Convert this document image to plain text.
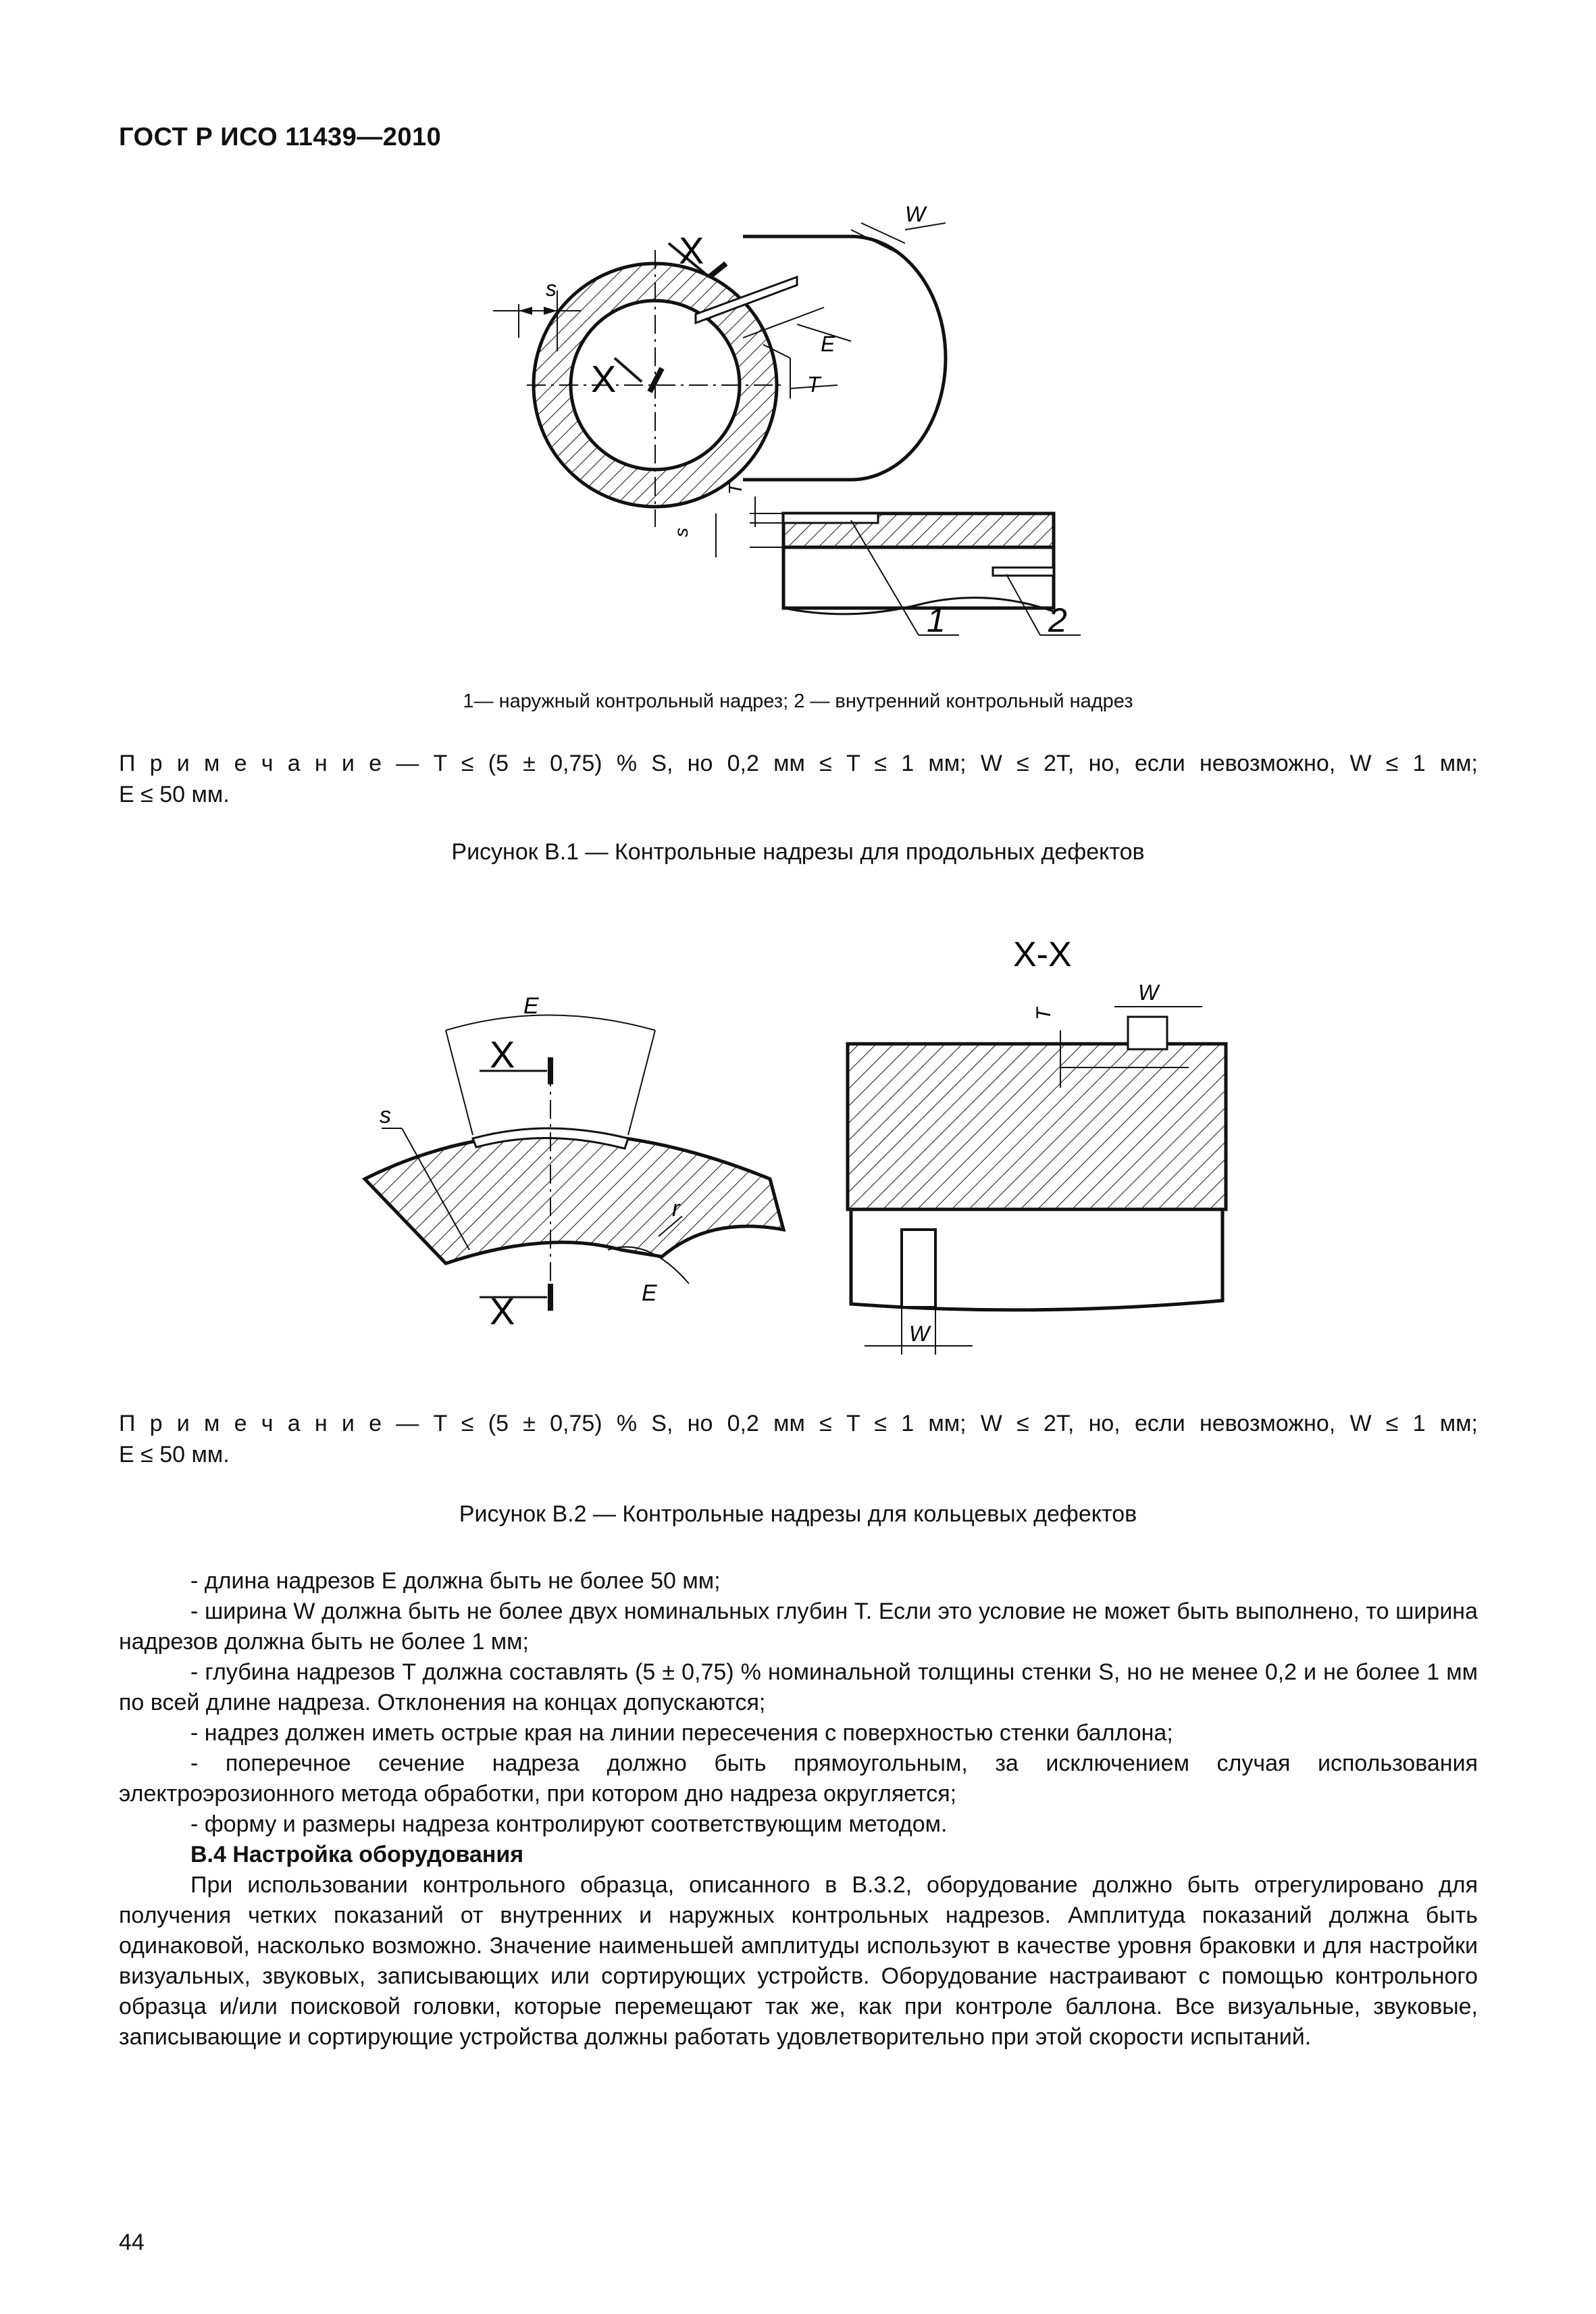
ГОСТ Р ИСО 11439—2010
X
X
s
W
E
T
T
s
1	2
1— наружный контрольный надрез; 2 — внутренний контрольный надрез
П р и м е ч а н и е — T ≤ (5 ± 0,75) % S, но 0,2 мм ≤ T ≤ 1 мм; W ≤ 2T, но, если невозможно, W ≤ 1 мм;
E ≤ 50 мм.
Рисунок В.1 — Контрольные надрезы для продольных дефектов
E
X
s
r
E
X
X-X
T
W
W
П р и м е ч а н и е — T ≤ (5 ± 0,75) % S, но 0,2 мм ≤ T ≤ 1 мм; W ≤ 2T, но, если невозможно, W ≤ 1 мм;
E ≤ 50 мм.
Рисунок В.2 — Контрольные надрезы для кольцевых дефектов

- длина надрезов E должна быть не более 50 мм;

- ширина W должна быть не более двух номинальных глубин T. Если это условие не может быть выполнено, то ширина надрезов должна быть не более 1 мм;

- глубина надрезов T должна составлять (5 ± 0,75) % номинальной толщины стенки S, но не менее 0,2 и не более 1 мм по всей длине надреза. Отклонения на концах допускаются;

- надрез должен иметь острые края на линии пересечения с поверхностью стенки баллона;

- поперечное сечение надреза должно быть прямоугольным, за исключением случая использования электроэрозионного метода обработки, при котором дно надреза округляется;

- форму и размеры надреза контролируют соответствующим методом.

В.4 Настройка оборудования

При использовании контрольного образца, описанного в В.3.2, оборудование должно быть отрегулировано для получения четких показаний от внутренних и наружных контрольных надрезов. Амплитуда показаний должна быть одинаковой, насколько возможно. Значение наименьшей амплитуды используют в качестве уровня браковки и для настройки визуальных, звуковых, записывающих или сортирующих устройств. Оборудование настраивают с помощью контрольного образца и/или поисковой головки, которые перемещают так же, как при контроле баллона. Все визуальные, звуковые, записывающие и сортирующие устройства должны работать удовлетворительно при этой скорости испытаний.

44
